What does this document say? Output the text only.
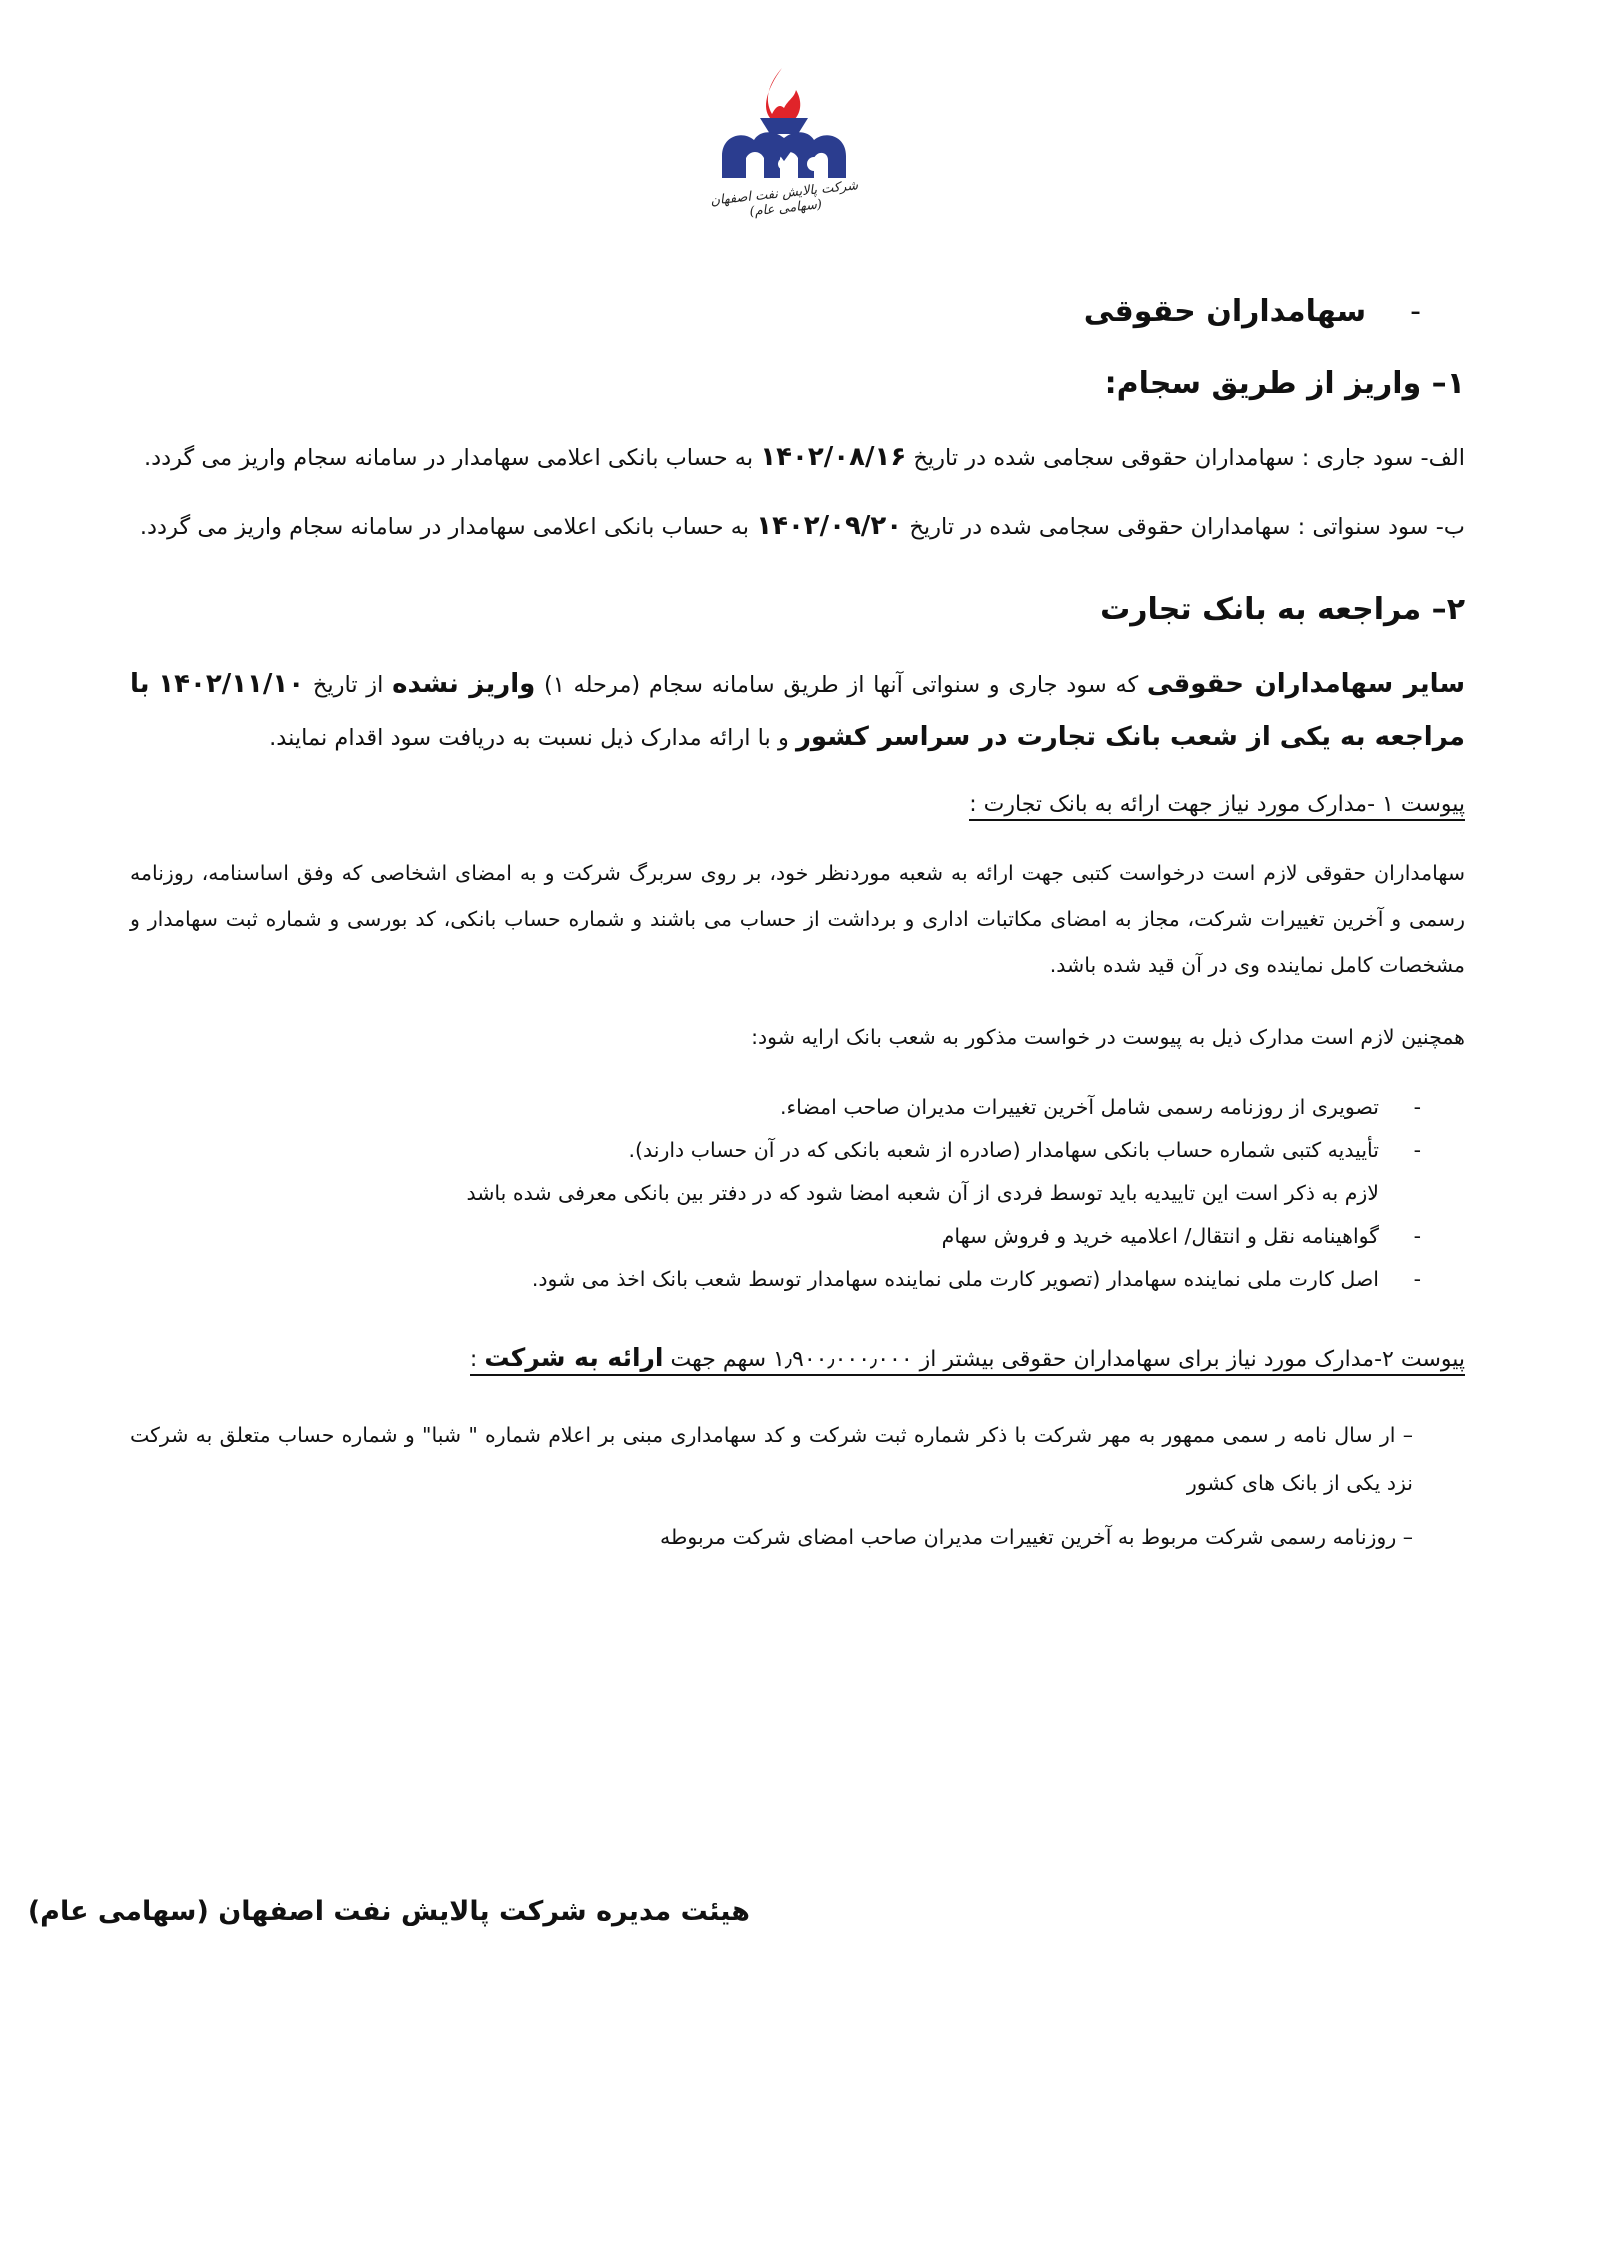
شرکت پالایش نفت اصفهان (سهامی عام)
-سهامداران حقوقی
۱– واریز از طریق سجام:

الف- سود جاری : سهامداران حقوقی سجامی شده در تاریخ ۱۴۰۲/۰۸/۱۶ به حساب بانکی اعلامی سهامدار در سامانه سجام واریز می گردد.

ب- سود سنواتی : سهامداران حقوقی سجامی شده در تاریخ ۱۴۰۲/۰۹/۲۰ به حساب بانکی اعلامی سهامدار در سامانه سجام واریز می گردد.

۲– مراجعه به بانک تجارت

سایر سهامداران حقوقی که سود جاری و سنواتی آنها از طریق سامانه سجام (مرحله ۱) واریز نشده از تاریخ ۱۴۰۲/۱۱/۱۰ با مراجعه به یکی از شعب بانک تجارت در سراسر کشور و با ارائه مدارک ذیل نسبت به دریافت سود اقدام نمایند.

پیوست ۱ -مدارک مورد نیاز جهت ارائه به بانک تجارت :

سهامداران حقوقی لازم است درخواست کتبی جهت ارائه به شعبه موردنظر خود، بر روی سربرگ شرکت و به امضای اشخاصی که وفق اساسنامه، روزنامه رسمی و آخرین تغییرات شرکت، مجاز به امضای مکاتبات اداری و برداشت از حساب می باشند و شماره حساب بانکی، کد بورسی و شماره ثبت سهامدار و مشخصات کامل نماینده وی در آن قید شده باشد.

همچنین لازم است مدارک ذیل به پیوست در خواست مذکور به شعب بانک ارایه شود:

-
تصویری از روزنامه رسمی شامل آخرین تغییرات مدیران صاحب امضاء.
-
تأییدیه کتبی شماره حساب بانکی سهامدار (صادره از شعبه بانکی که در آن حساب دارند).
لازم به ذکر است این تاییدیه باید توسط فردی از آن شعبه امضا شود که در دفتر بین بانکی معرفی شده باشد
-
گواهینامه نقل و انتقال/ اعلامیه خرید و فروش سهام
-
اصل کارت ملی نماینده سهامدار (تصویر کارت ملی نماینده سهامدار توسط شعب بانک اخذ می شود.
پیوست ۲-مدارک مورد نیاز برای سهامداران حقوقی بیشتر از ۱٫۹۰۰٫۰۰۰٫۰۰۰ سهم جهت ارائه به شرکت :
– ار سال نامه ر سمی ممهور به مهر شرکت با ذکر شماره ثبت شرکت و کد سهامداری مبنی بر اعلام شماره " شبا" و شماره حساب متعلق به شرکت نزد یکی از بانک های کشور
– روزنامه رسمی شرکت مربوط به آخرین تغییرات مدیران صاحب امضای شرکت مربوطه
هیئت مدیره شرکت پالایش نفت اصفهان (سهامی عام)
